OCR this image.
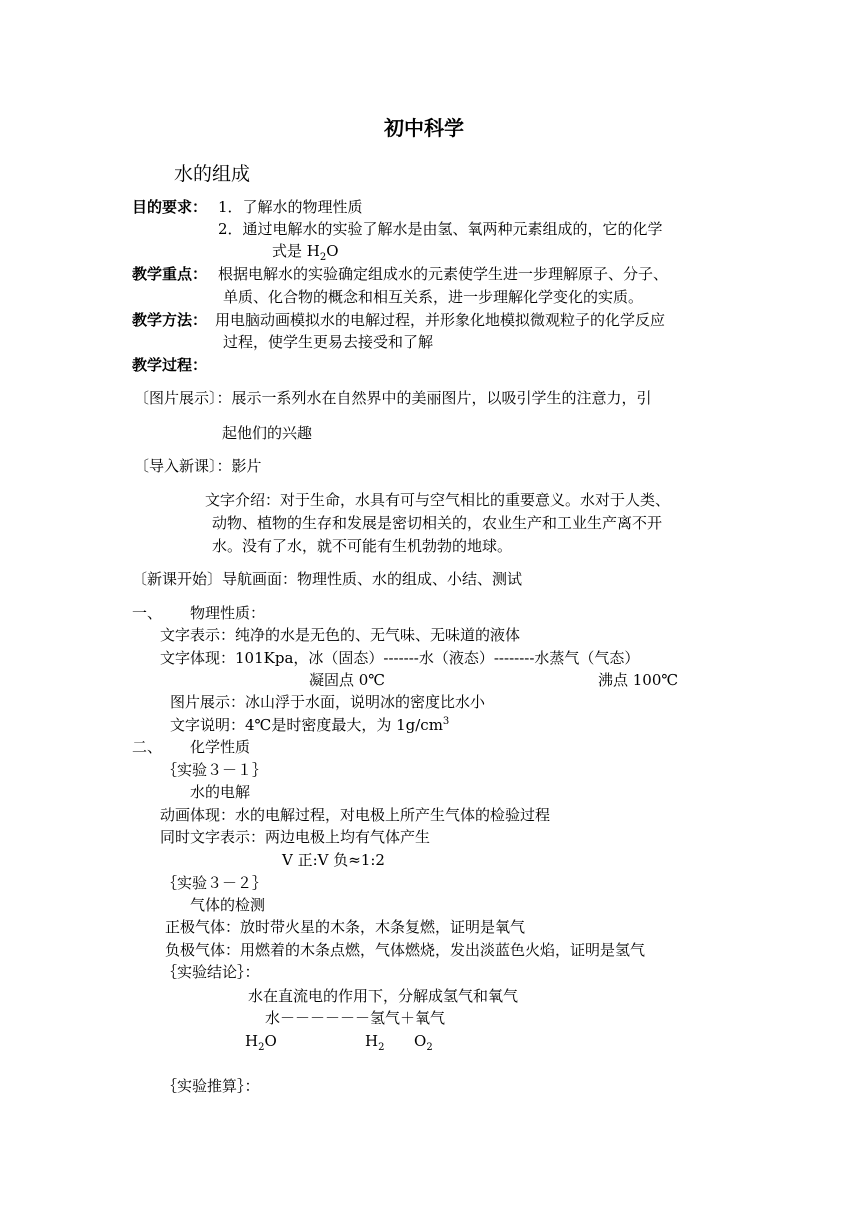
初中科学
水的组成
目的要求： 1．了解水的物理性质
2．通过电解水的实验了解水是由氢、氧两种元素组成的，它的化学
式是 $H_2O$
教学重点： 根据电解水的实验确定组成水的元素使学生进一步理解原子、分子、
单质、化合物的概念和相互关系，进一步理解化学变化的实质。
教学方法： 用电脑动画模拟水的电解过程，并形象化地模拟微观粒子的化学反应
过程，使学生更易去接受和了解
教学过程：
〔图片展示〕：展示一系列水在自然界中的美丽图片，以吸引学生的注意力，引
起他们的兴趣
〔导入新课〕：影片
文字介绍：对于生命，水具有可与空气相比的重要意义。水对于人类、
动物、植物的生存和发展是密切相关的，农业生产和工业生产离不开
水。没有了水，就不可能有生机勃勃的地球。
〔新课开始〕导航画面：物理性质、水的组成、小结、测试
一、 物理性质：
文字表示：纯净的水是无色的、无气味、无味道的液体
文字体现：101Kpa，冰（固态）-------水（液态）--------水蒸气（气态）
凝固点 0℃	沸点 100℃
图片展示：冰山浮于水面，说明冰的密度比水小
文字说明：4℃是时密度最大，为 $1g/cm^3$
二、 化学性质
｛实验３－１｝
水的电解
动画体现：水的电解过程，对电极上所产生气体的检验过程
同时文字表示：两边电极上均有气体产生
V 正:V 负≈1:2
｛实验３－２｝
气体的检测
正极气体：放时带火星的木条，木条复燃，证明是氧气
负极气体：用燃着的木条点燃，气体燃烧，发出淡蓝色火焰，证明是氢气
｛实验结论｝：
水在直流电的作用下，分解成氢气和氧气
水－－－－－－氢气＋氧气
$H_2O$	$H_2$ $O_2$
｛实验推算｝：
